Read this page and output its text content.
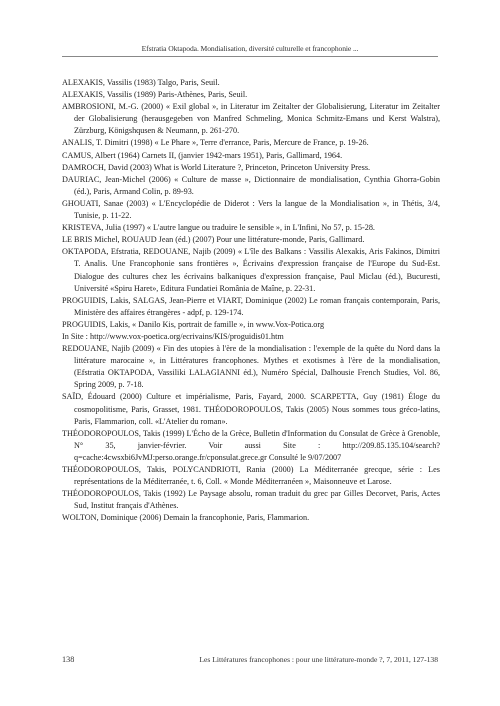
Efstratia Oktapoda. Mondialisation, diversité culturelle et francophonie ...

ALEXAKIS, Vassilis (1983) Talgo, Paris, Seuil.

ALEXAKIS, Vassilis (1989) Paris-Athènes, Paris, Seuil.

AMBROSIONI, M.-G. (2000) « Exil global », in Literatur im Zeitalter der Globalisierung, Literatur im Zeitalter der Globalisierung (herausgegeben von Manfred Schmeling, Monica Schmitz-Emans und Kerst Walstra), Zürzburg, Königshqusen & Neumann, p. 261-270.

ANALIS, T. Dimitri (1998) « Le Phare », Terre d'errance, Paris, Mercure de France, p. 19-26.

CAMUS, Albert (1964) Carnets II, (janvier 1942-mars 1951), Paris, Gallimard, 1964.

DAMROCH, David (2003) What is World Literature ?, Princeton, Princeton University Press.

DAURIAC, Jean-Michel (2006) « Culture de masse », Dictionnaire de mondialisation, Cynthia Ghorra-Gobin (éd.), Paris, Armand Colin, p. 89-93.

GHOUATI, Sanae (2003) « L'Encyclopédie de Diderot : Vers la langue de la Mondialisation », in Thétis, 3/4, Tunisie, p. 11-22.

KRISTEVA, Julia (1997) « L'autre langue ou traduire le sensible », in L'Infini, No 57, p. 15-28.

LE BRIS Michel, ROUAUD Jean (éd.) (2007) Pour une littérature-monde, Paris, Gallimard.

OKTAPODA, Efstratia, REDOUANE, Najib (2009) « L'île des Balkans : Vassilis Alexakis, Aris Fakinos, Dimitri T. Analis. Une Francophonie sans frontières », Écrivains d'expression française de l'Europe du Sud-Est. Dialogue des cultures chez les écrivains balkaniques d'expression française, Paul Miclau (éd.), Bucuresti, Université «Spiru Haret», Editura Fundatiei România de Maîne, p. 22-31.

PROGUIDIS, Lakis, SALGAS, Jean-Pierre et VIART, Dominique (2002) Le roman français contemporain, Paris, Ministère des affaires étrangères - adpf, p. 129-174.

PROGUIDIS, Lakis, « Danilo Kis, portrait de famille », in www.Vox-Potica.org

In Site : http://www.vox-poetica.org/ecrivains/KIS/proguidis01.htm

REDOUANE, Najib (2009) « Fin des utopies à l'ère de la mondialisation : l'exemple de la quête du Nord dans la littérature marocaine », in Littératures francophones. Mythes et exotismes à l'ère de la mondialisation, (Efstratia OKTAPODA, Vassiliki LALAGIANNI éd.), Numéro Spécial, Dalhousie French Studies, Vol. 86, Spring 2009, p. 7-18.

SAÏD, Édouard (2000) Culture et impérialisme, Paris, Fayard, 2000. SCARPETTA, Guy (1981) Éloge du cosmopolitisme, Paris, Grasset, 1981. THÉODOROPOULOS, Takis (2005) Nous sommes tous gréco-latins, Paris, Flammarion, coll. «L'Atelier du roman».

THÉODOROPOULOS, Takis (1999) L'Écho de la Grèce, Bulletin d'Information du Consulat de Grèce à Grenoble, N° 35, janvier-février. Voir aussi Site : http://209.85.135.104/search?q=cache:4cwsxbi6JvMJ:perso.orange.fr/cponsulat.grece.gr Consulté le 9/07/2007

THÉODOROPOULOS, Takis, POLYCANDRIOTI, Rania (2000) La Méditerranée grecque, série : Les représentations de la Méditerranée, t. 6, Coll. « Monde Méditerranéen », Maisonneuve et Larose.

THÉODOROPOULOS, Takis (1992) Le Paysage absolu, roman traduit du grec par Gilles Decorvet, Paris, Actes Sud, Institut français d'Athènes.

WOLTON, Dominique (2006) Demain la francophonie, Paris, Flammarion.

138	Les Littératures francophones : pour une littérature-monde ?, 7, 2011, 127-138
